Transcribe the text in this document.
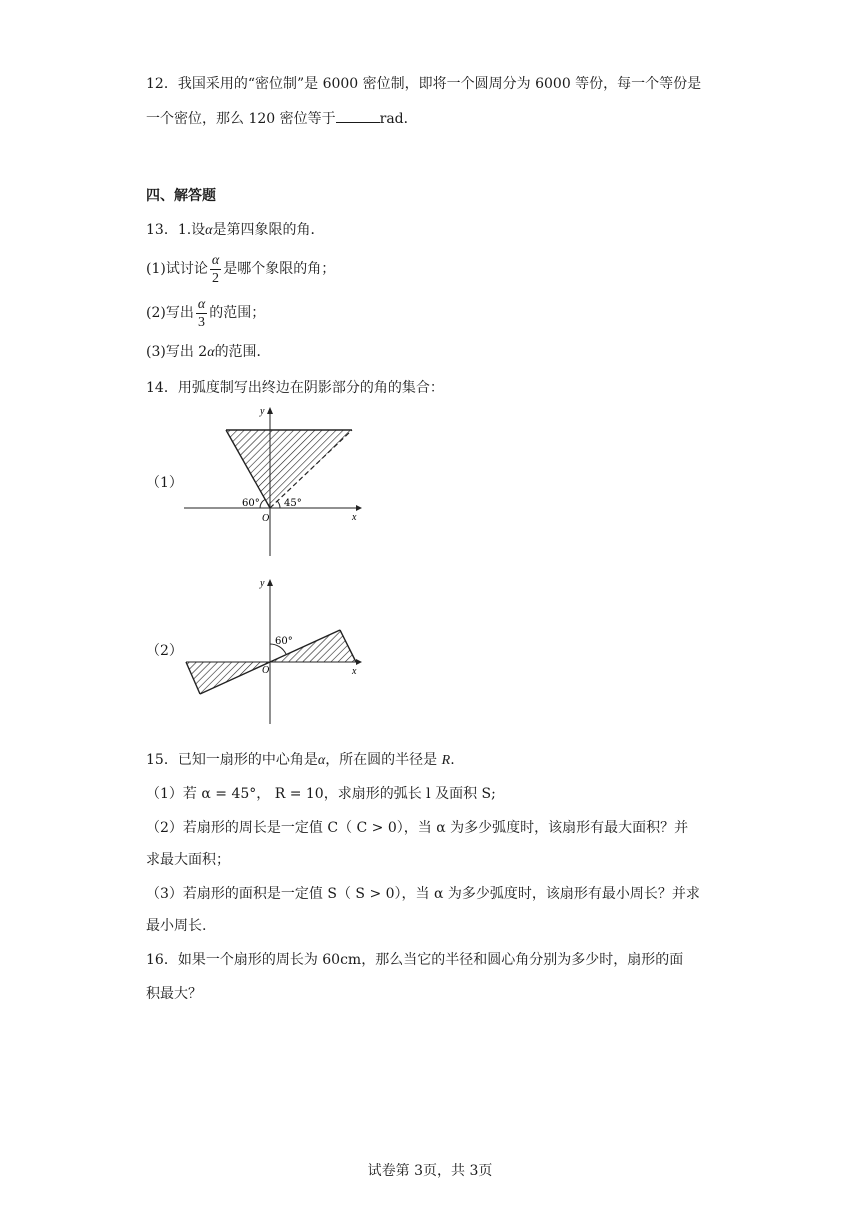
12．我国采用的“密位制”是 6000 密位制，即将一个圆周分为 6000 等份，每一个等份是
一个密位，那么 120 密位等于	rad．
四、解答题
13．1.设α是第四象限的角．
(1)试讨论 $\frac{\alpha}{2}$ 是哪个象限的角；
(2)写出 $\frac{\alpha}{3}$ 的范围；
(3)写出 2α的范围．
14．用弧度制写出终边在阴影部分的角的集合：
（1）
60° 45°
O	x
y
（2）
60°
O	x
y
15．已知一扇形的中心角是α，所在圆的半径是 R.
（1）若 α = 45°， R = 10，求扇形的弧长 l 及面积 S;
（2）若扇形的周长是一定值 C（ C > 0），当 α 为多少弧度时，该扇形有最大面积？并
求最大面积；
（3）若扇形的面积是一定值 S（ S > 0），当 α 为多少弧度时，该扇形有最小周长？并求
最小周长.
16．如果一个扇形的周长为 60cm，那么当它的半径和圆心角分别为多少时，扇形的面
积最大？
试卷第 3页，共 3页
